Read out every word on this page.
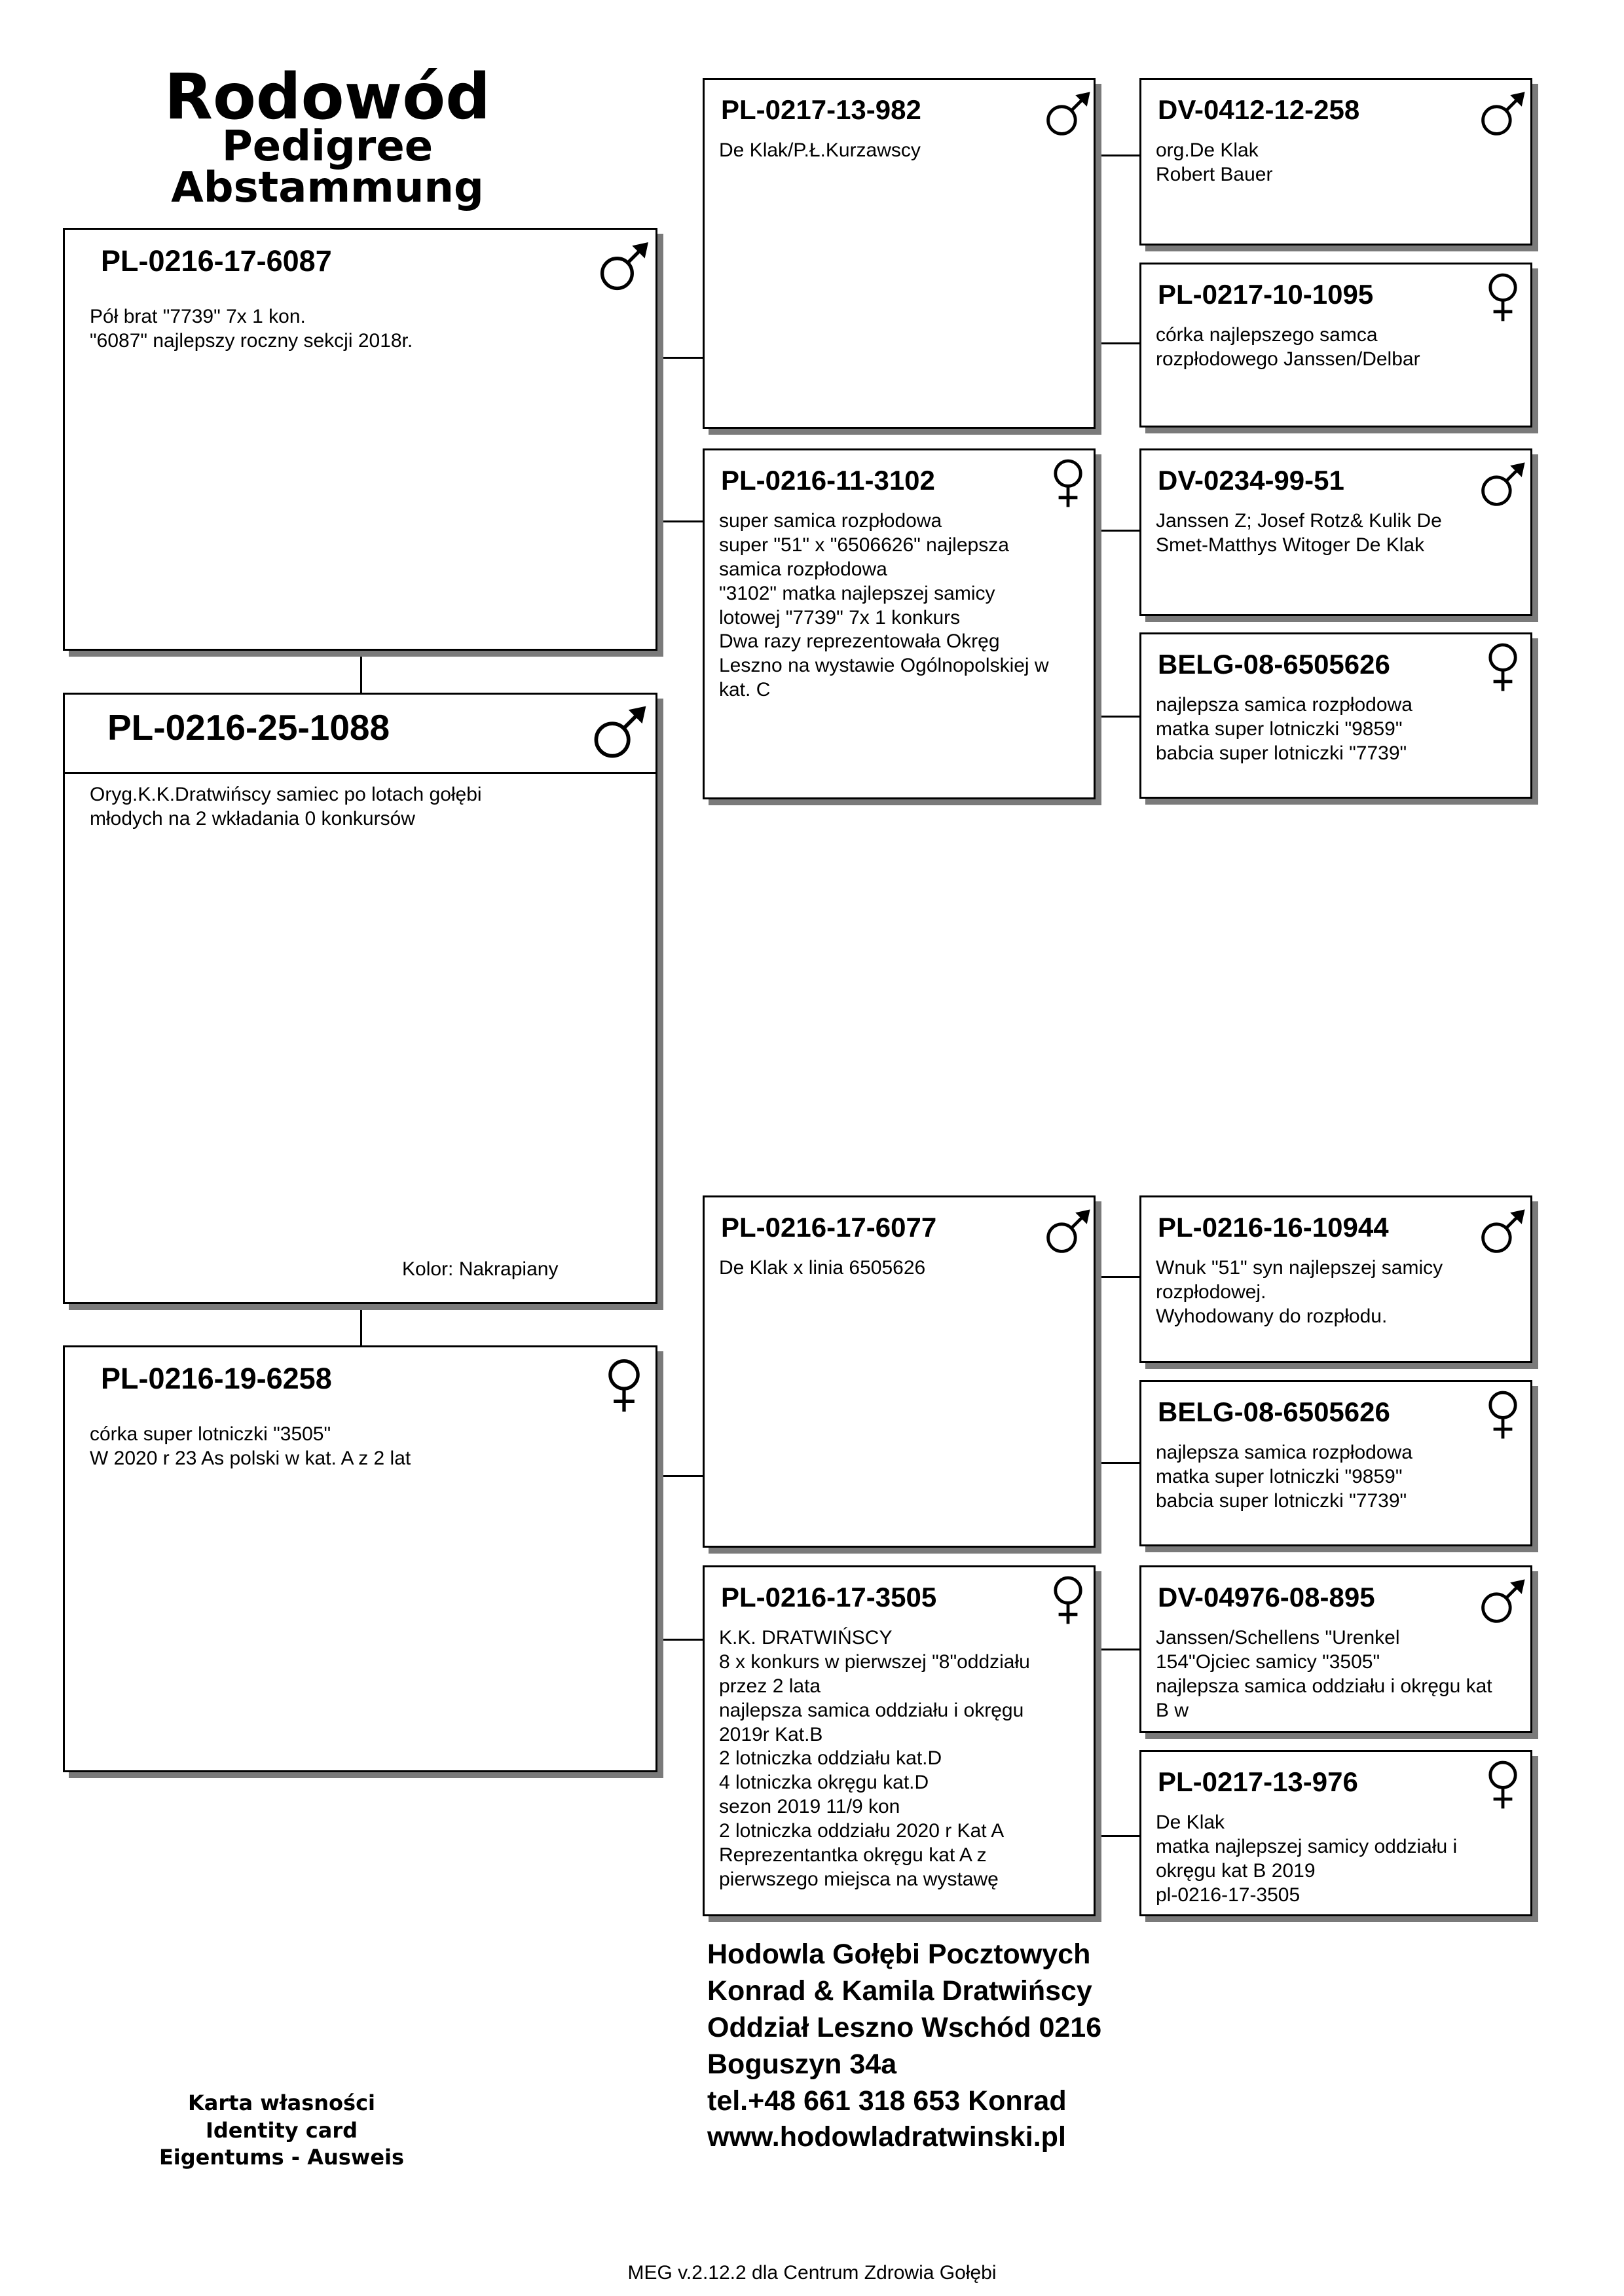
Rodowód
Pedigree
Abstammung
PL-0216-17-6087
Pół brat "7739" 7x 1 kon.
"6087" najlepszy roczny sekcji 2018r.
PL-0216-25-1088
Oryg.K.K.Dratwińscy samiec po lotach gołębi
młodych na 2 wkładania 0 konkursów
Kolor: Nakrapiany
PL-0216-19-6258
córka super lotniczki "3505"
W 2020 r 23 As polski w kat. A z 2 lat
PL-0217-13-982
De Klak/P.Ł.Kurzawscy
PL-0216-11-3102
super samica rozpłodowa
super "51" x "6506626" najlepsza
samica rozpłodowa
"3102" matka najlepszej samicy
lotowej "7739" 7x 1 konkurs
Dwa razy reprezentowała Okręg
Leszno na wystawie Ogólnopolskiej w
kat. C
PL-0216-17-6077
De Klak x linia 6505626
PL-0216-17-3505
K.K. DRATWIŃSCY
8 x konkurs w pierwszej "8"oddziału
przez 2 lata
najlepsza samica oddziału i okręgu
2019r Kat.B
2 lotniczka oddziału kat.D
4 lotniczka okręgu kat.D
sezon 2019 11/9 kon
2 lotniczka oddziału 2020 r Kat A
Reprezentantka okręgu kat A z
pierwszego miejsca na wystawę
DV-0412-12-258
org.De Klak
Robert Bauer
PL-0217-10-1095
córka najlepszego samca
rozpłodowego Janssen/Delbar
DV-0234-99-51
Janssen Z; Josef Rotz& Kulik De
Smet-Matthys Witoger De Klak
BELG-08-6505626
najlepsza samica rozpłodowa
matka super lotniczki "9859"
babcia super lotniczki "7739"
PL-0216-16-10944
Wnuk "51" syn najlepszej samicy
rozpłodowej.
Wyhodowany do rozpłodu.
BELG-08-6505626
najlepsza samica rozpłodowa
matka super lotniczki "9859"
babcia super lotniczki "7739"
DV-04976-08-895
Janssen/Schellens "Urenkel
154"Ojciec samicy "3505"
najlepsza samica oddziału i okręgu kat
B w
PL-0217-13-976
De Klak
matka najlepszej samicy oddziału i
okręgu kat B 2019
pl-0216-17-3505
Hodowla Gołębi Pocztowych
Konrad & Kamila Dratwińscy
Oddział Leszno Wschód 0216
Boguszyn 34a
tel.+48 661 318 653 Konrad
www.hodowladratwinski.pl
Karta własności
Identity card
Eigentums - Ausweis
MEG v.2.12.2 dla Centrum Zdrowia Gołębi
